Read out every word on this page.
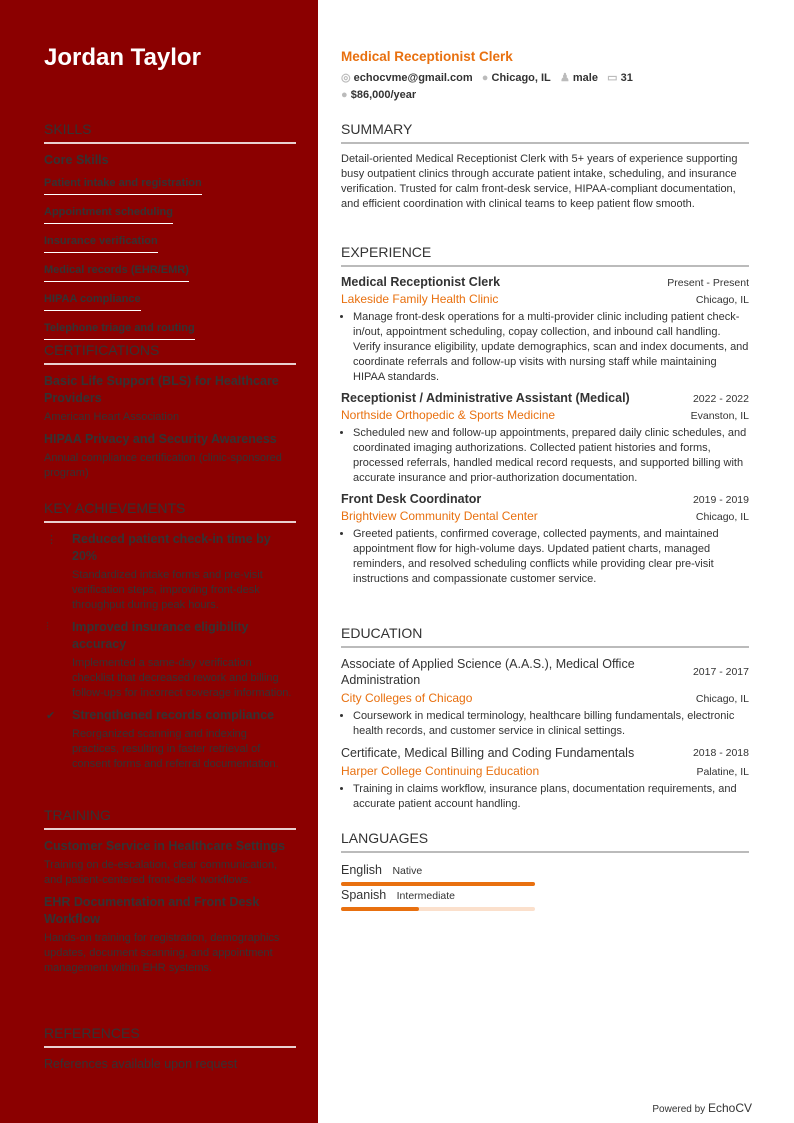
Jordan Taylor
SKILLS
Core Skills
Patient intake and registration
Appointment scheduling
Insurance verification
Medical records (EHR/EMR)
HIPAA compliance
Telephone triage and routing

CERTIFICATIONS
Basic Life Support (BLS) for Healthcare Providers
American Heart Association
HIPAA Privacy and Security Awareness
Annual compliance certification (clinic-sponsored program)
KEY ACHIEVEMENTS
⋮ Reduced patient check-in time by 20%
Standardized intake forms and pre-visit verification steps, improving front-desk throughput during peak hours.
⫶ Improved insurance eligibility accuracy
Implemented a same-day verification checklist that decreased rework and billing follow-ups for incorrect coverage information.
✔ Strengthened records compliance
Reorganized scanning and indexing practices, resulting in faster retrieval of consent forms and referral documentation.
TRAINING
Customer Service in Healthcare Settings
Training on de-escalation, clear communication, and patient-centered front-desk workflows.
EHR Documentation and Front Desk Workflow
Hands-on training for registration, demographics updates, document scanning, and appointment management within EHR systems.
REFERENCES
References available upon request
Medical Receptionist Clerk
◎ echocvme@gmail.com ● Chicago, IL ♟ male ▭ 31
● $86,000/year
SUMMARY
Detail-oriented Medical Receptionist Clerk with 5+ years of experience supporting busy outpatient clinics through accurate patient intake, scheduling, and insurance verification. Trusted for calm front-desk service, HIPAA-compliant documentation, and efficient coordination with clinical teams to keep patient flow smooth.
EXPERIENCE
Medical Receptionist Clerk	Present - Present
Lakeside Family Health Clinic	Chicago, IL
• Manage front-desk operations for a multi-provider clinic including patient check-in/out, appointment scheduling, copay collection, and inbound call handling. Verify insurance eligibility, update demographics, scan and index documents, and coordinate referrals and follow-up visits with nursing staff while maintaining HIPAA standards.
Receptionist / Administrative Assistant (Medical)	2022 - 2022
Northside Orthopedic & Sports Medicine	Evanston, IL
• Scheduled new and follow-up appointments, prepared daily clinic schedules, and coordinated imaging authorizations. Collected patient histories and forms, processed referrals, handled medical record requests, and supported billing with accurate insurance and prior-authorization documentation.
Front Desk Coordinator	2019 - 2019
Brightview Community Dental Center	Chicago, IL
• Greeted patients, confirmed coverage, collected payments, and maintained appointment flow for high-volume days. Updated patient charts, managed reminders, and resolved scheduling conflicts while providing clear pre-visit instructions and compassionate customer service.
EDUCATION
Associate of Applied Science (A.A.S.), Medical Office Administration
2017 - 2017
City Colleges of Chicago	Chicago, IL
• Coursework in medical terminology, healthcare billing fundamentals, electronic health records, and customer service in clinical settings.
Certificate, Medical Billing and Coding Fundamentals	2018 - 2018
Harper College Continuing Education	Palatine, IL
• Training in claims workflow, insurance plans, documentation requirements, and accurate patient account handling.
LANGUAGES
English Native
Spanish Intermediate
Powered by EchoCV
